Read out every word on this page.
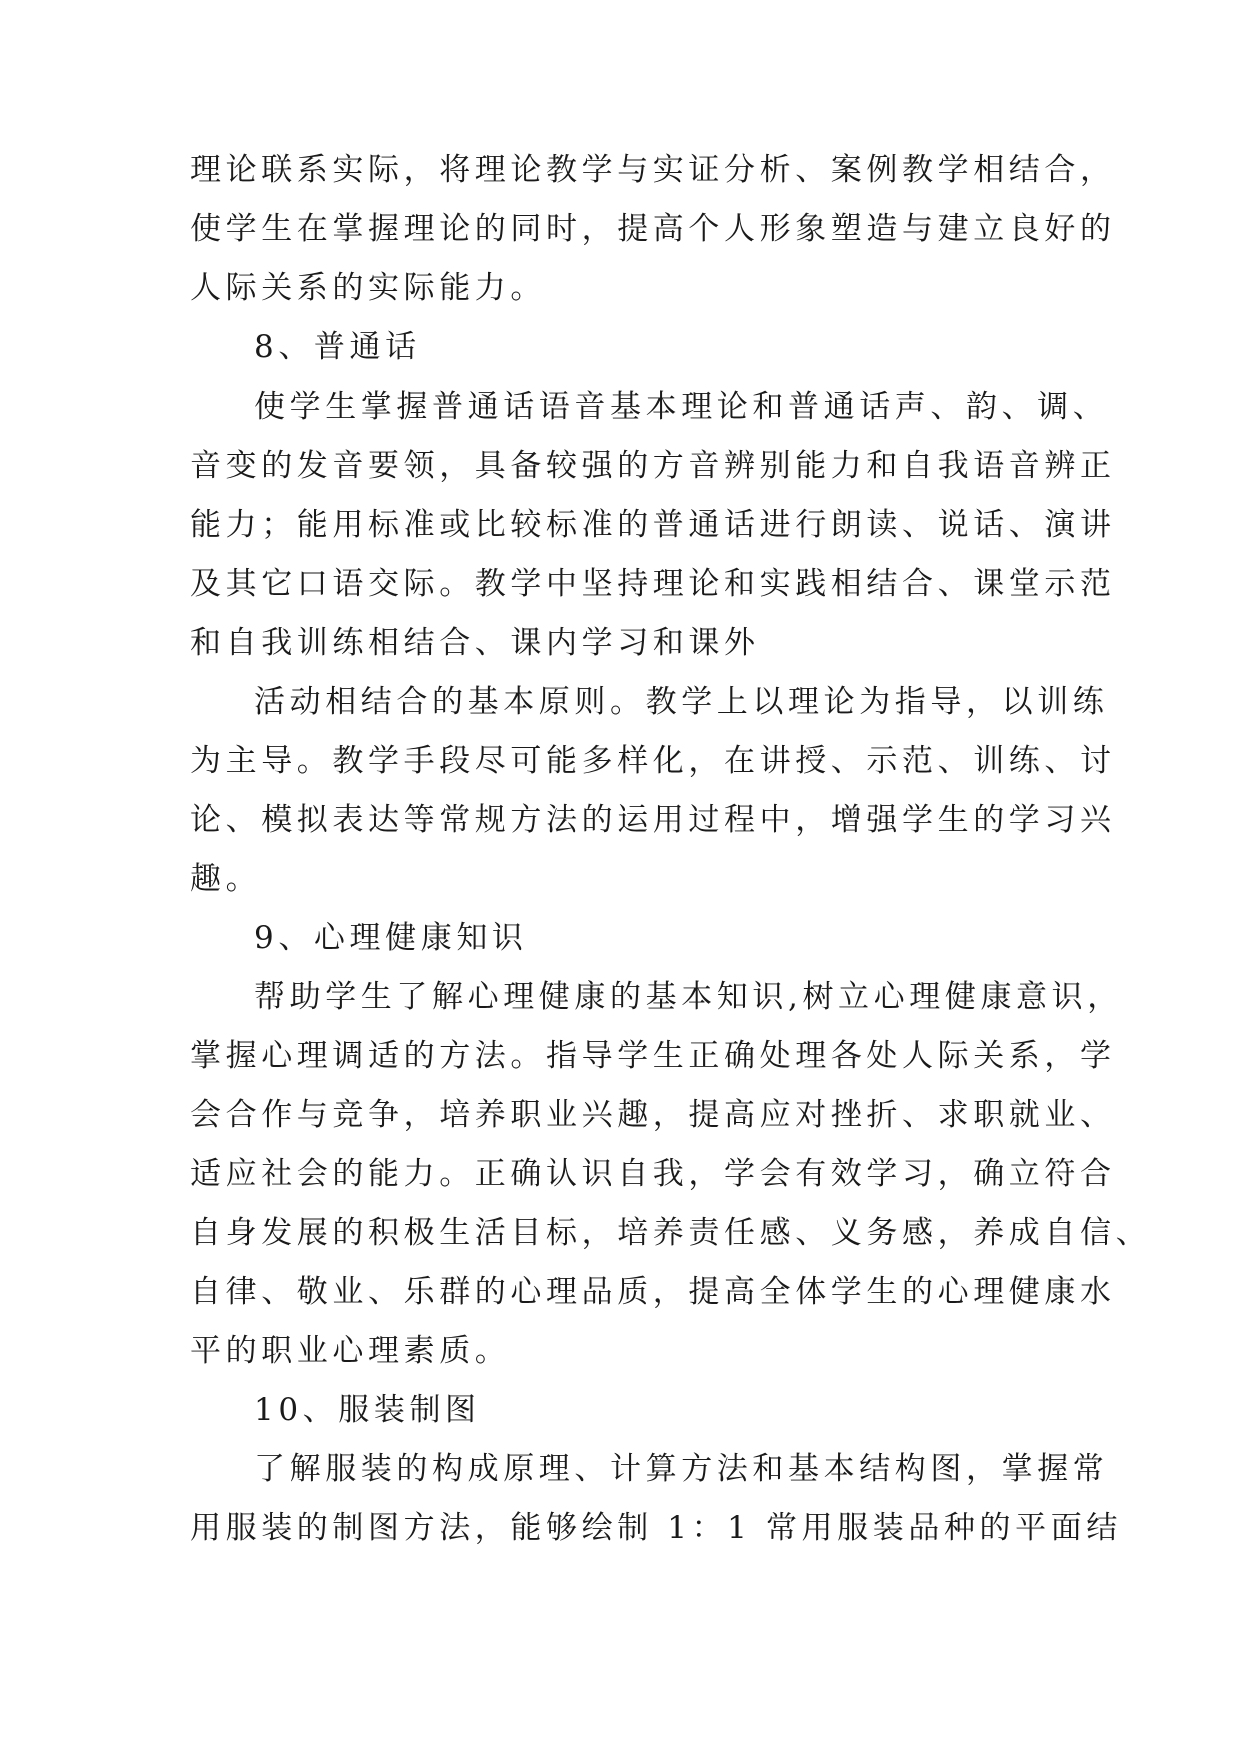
理论联系实际，将理论教学与实证分析、案例教学相结合，

使学生在掌握理论的同时，提高个人形象塑造与建立良好的

人际关系的实际能力。

8、普通话

使学生掌握普通话语音基本理论和普通话声、韵、调、

音变的发音要领，具备较强的方音辨别能力和自我语音辨正

能力；能用标准或比较标准的普通话进行朗读、说话、演讲

及其它口语交际。教学中坚持理论和实践相结合、课堂示范

和自我训练相结合、课内学习和课外

活动相结合的基本原则。教学上以理论为指导，以训练

为主导。教学手段尽可能多样化，在讲授、示范、训练、讨

论、模拟表达等常规方法的运用过程中，增强学生的学习兴

趣。

9、心理健康知识

帮助学生了解心理健康的基本知识,树立心理健康意识，

掌握心理调适的方法。指导学生正确处理各处人际关系，学

会合作与竞争，培养职业兴趣，提高应对挫折、求职就业、

适应社会的能力。正确认识自我，学会有效学习，确立符合

自身发展的积极生活目标，培养责任感、义务感，养成自信、

自律、敬业、乐群的心理品质，提高全体学生的心理健康水

平的职业心理素质。

10、服装制图

了解服装的构成原理、计算方法和基本结构图，掌握常

用服装的制图方法，能够绘制 1：1 常用服装品种的平面结
